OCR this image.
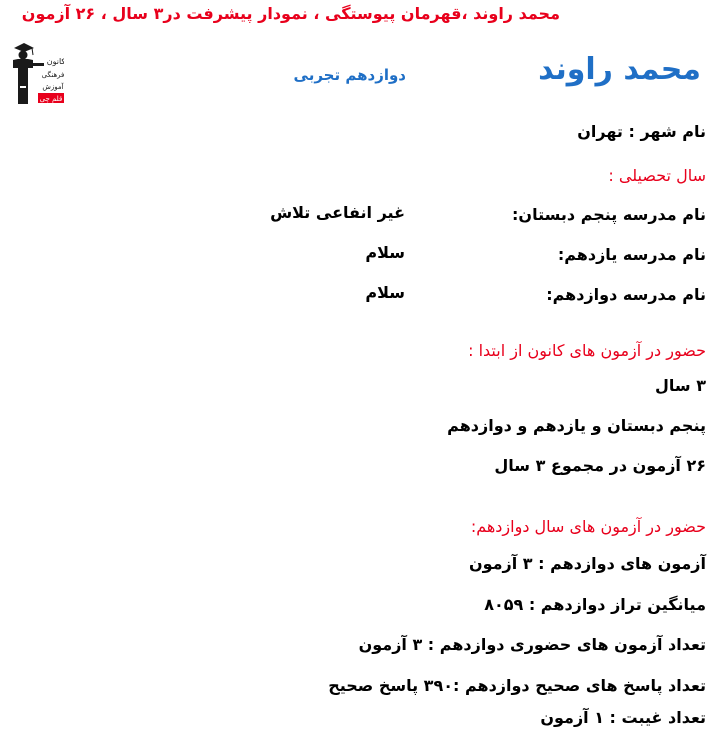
محمد راوند ،قهرمان پیوستگی ، نمودار پیشرفت در۳ سال ، ۲۶ آزمون
کانون
فرهنگی
آموزش
قلم چی
محمد راوند
دوازدهم تجربی
نام شهر : تهران
سال تحصیلی :
نام مدرسه پنجم دبستان:
غیر انفاعی تلاش
نام مدرسه یازدهم:
سلام
نام مدرسه دوازدهم:
سلام
حضور در آزمون های کانون از ابتدا :
۳ سال
پنجم دبستان و یازدهم و دوازدهم
۲۶ آزمون در مجموع ۳ سال
حضور در آزمون های سال دوازدهم:
آزمون های دوازدهم : ۳ آزمون
میانگین تراز دوازدهم : ۸۰۵۹
تعداد آزمون های حضوری دوازدهم : ۳ آزمون
تعداد پاسخ های صحیح دوازدهم :۳۹۰ پاسخ صحیح
تعداد غیبت : ۱ آزمون
